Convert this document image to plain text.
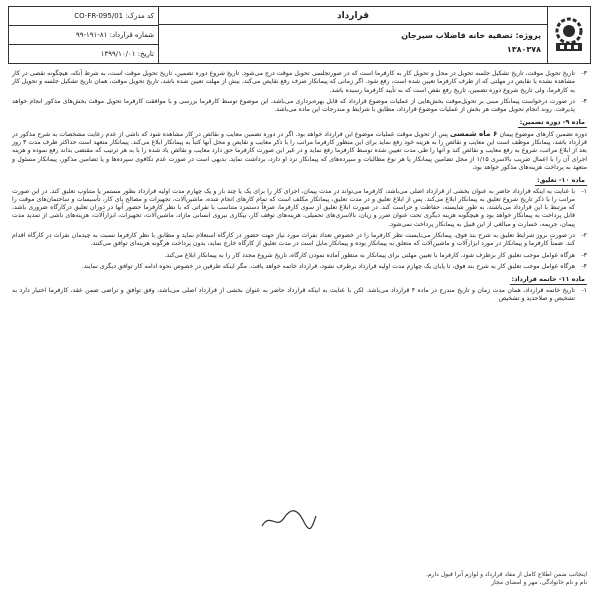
کد مدرک: CO-FR-095/01
شماره قرارداد: ۸۱-۱۹۱-۹۹
تاریخ: ۱۳۹۹/۱۰/۰۱
قرارداد
پروژه: تصفیه خانه فاضلاب سیرجان
۱۳۸۰۳۷۸

۳-
تاریخ تحویل موقت، تاریخ تشکیل جلسه تحویل در محل و تحویل کار به کارفرما است که در صورتجلسی تحویل موقت درج می‌شود. تاریخ شروع دوره تضمین، تاریخ تحویل موقت است، به شرط آنکه، هیچگونه نقصی در کار مشاهده نشده یا نقایص در مهلتی که از طرف کارفرما تعیین شده است، رفع شود. اگر زمانی که پیمانکار صرف رفع نقایص می‌کند، بیش از مهلت تعیین شده باشد، تاریخ تحویل موقت، همان تاریخ تشکیل جلسه و تحویل کار به کارفرما، ولی تاریخ شروع دوره تضمین، تاریخ رفع نقص است که به تأیید کارفرما رسیده باشد.

۴-
در صورت درخواست پیمانکار مبنی بر تحویل‌موقت بخش‌هایی از عملیات موضوع قرارداد که قابل بهره‌برداری می‌باشد، این موضوع توسط کارفرما بررسی و با موافقت کارفرما تحویل موقت بخش‌های مذکور انجام خواهد پذیرفت. روند انجام تحویل موقت هر بخش از عملیات موضوع قرارداد، مطابق با شرایط و مندرجات این ماده می‌باشد.

ماده ۹- دوره تضمین:

دوره تضمین کارهای موضوع پیمان ۶ ماه شمسی پس از تحویل موقت عملیات موضوع این قرارداد خواهد بود. اگر در دوره تضمین معایب و نقائص در کار مشاهده شود که ناشی از عدم رعایت مشخصات به شرح مذکور در قرارداد باشد، پیمانکار موظف است این معایب و نقائص را به هزینه خود رفع نماید برای این منظور کارفرما مراتب را با ذکر معایب و نقایص و محل آنها کتباً به پیمانکار ابلاغ می‌کند. پیمانکار متعهد است حداکثر ظرف مدت ۳ روز بعد از ابلاغ مراتب، شروع به رفع معایب و نقائص کند و آنها را طی مدت تعیین شده توسط کارفرما رفع نماید و در غیر این صورت کارفرما حق دارد معایب و نقائص یاد شده را با به هر ترتیب که مقتضی بداند رفع نموده و هزینه اجرای آن را با اعمال ضریب بالاسری ۱/۱۵ از محل تضامین پیمانکار یا هر نوع مطالبات و سپرده‌های که پیمانکار نزد او دارد، برداشت نماید. بدیهی است در صورت عدم تکافوی سپرده‌ها و یا تضامین مذکور، پیمانکار مسئول و متعهد به پرداخت هزینه‌های مذکور خواهد بود.

ماده ۱۰- تعلیق:

۱-
با عنایت به اینکه قرارداد حاضر به عنوان بخشی از قرارداد اصلی می‌باشد، کارفرما می‌تواند در مدت پیمان، اجرای کار را برای یک یا چند بار و یک چهارم مدت اولیه قرارداد بطور مستمر یا متناوب تعلیق کند. در این صورت مراتب را با ذکر تاریخ شروع تعلیق به پیمانکار ابلاغ می‌کند. پس از ابلاغ تعلیق و در مدت تعلیق، پیمانکار مکلف است که تمام کارهای انجام شده، ماشین‌آلات، تجهیزات و مصالح پای کار، تأسیسات و ساختمان‌های موقت را که مرتبط با این قرارداد می‌باشند، به طور شایسته، حفاظت و حراست کند. در صورت ابلاغ تعلیق از سوی کارفرما، صرفاً دستمزد متناسب با نفراتی که با نظر کارفرما حضور آنها در دوران تعلیق درکارگاه ضروری باشد، قابل پرداخت به پیمانکار خواهد بود و هیچگونه هزینه دیگری تحت عنوان ضرر و زیان، بالاسری‌های تحمیلی، هزینه‌های توقف کار، بیکاری نیروی انسانی مازاد، ماشین‌آلات، تجهیزات، ابزارآلات، هزینه‌های ناشی از تمدید مدت پیمان، جریمه، خسارت و مبالغی از این قبیل به پیمانکار پرداخت نمی‌شود.

۲-
در صورت بروز شرایط تعلیق به شرح بند فوق، پیمانکار می‌بایست نظر کارفرما را در خصوص تعداد نفرات مورد نیاز جهت حضور در کارگاه استعلام نماید و مطابق با نظر کارفرما نسبت به چیدمان نفرات در کارگاه اقدام کند. ضمناً کارفرما و پیمانکار در مورد ابزارآلات و ماشین‌آلات که متعلق به پیمانکار بوده و پیمانکار مایل است در مدت تعلیق از کارگاه خارج نماید، بدون پرداخت هرگونه هزینه‌ای توافق می‌کنند.

۳-
هرگاه عوامل موجب تعلیق کار برطرف شود، کارفرما با تعیین مهلتی برای پیمانکار به منظور آماده نمودن کارگاه، تاریخ شروع مجدد کار را به پیمانکار ابلاغ می‌کند.

۴-
هرگاه عوامل موجب تعلیق کار به شرح بند فوق، تا پایان یک چهارم مدت اولیه قرارداد برطرف نشود، قرارداد خاتمه خواهد یافت. مگر اینکه طرفین در خصوص نحوه ادامه کار توافق دیگری نمایند.

ماده ۱۱- خاتمه قرارداد:

۱-
تاریخ خاتمه قرارداد، همان مدت زمان و تاریخ مندرج در ماده ۴ قرارداد می‌باشد. لکن با عنایت به اینکه قرارداد حاضر به عنوان بخشی از قرارداد اصلی می‌باشد، وفق توافق و تراضی ضمن عقد، کارفرما اختیار دارد به تشخیص و صلاحدید و تشخیص

اینجانب ضمن اطلاع کامل از مفاد قرارداد و لوازم آنرا قبول دارم.
نام و نام خانوادگی، مهر و امضای مجاز
